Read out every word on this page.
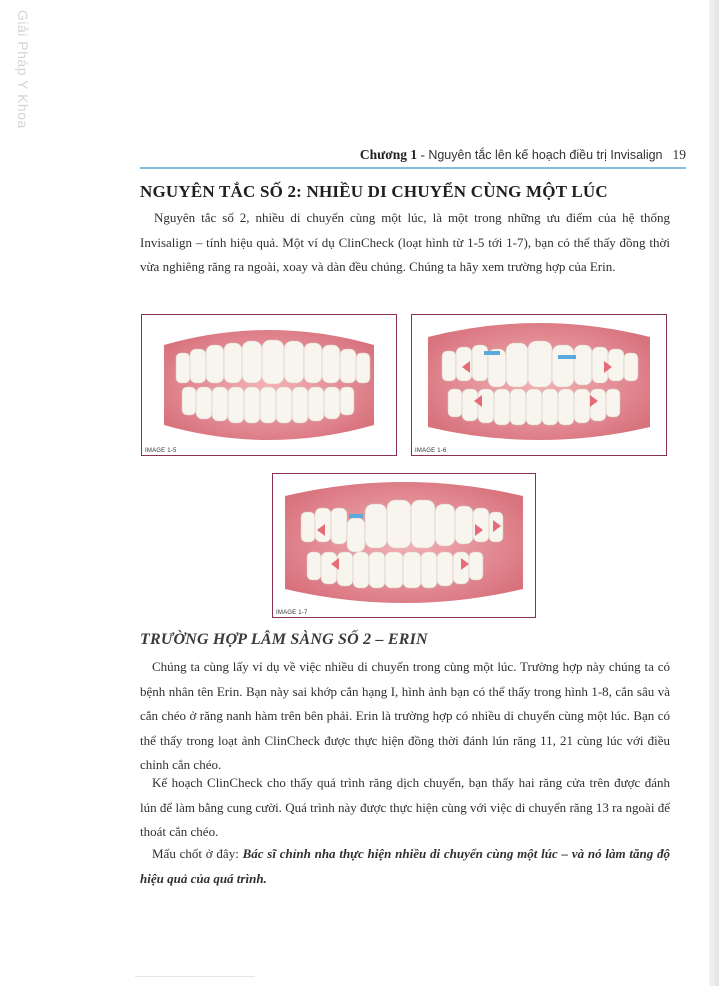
Giải Pháp Y Khoa
Chương 1 - Nguyên tắc lên kế hoạch điều trị Invisalign 19
NGUYÊN TẮC SỐ 2: NHIỀU DI CHUYỂN CÙNG MỘT LÚC

Nguyên tắc số 2, nhiều di chuyển cùng một lúc, là một trong những ưu điểm của hệ thống Invisalign – tính hiệu quả. Một ví dụ ClinCheck (loạt hình từ 1-5 tới 1-7), bạn có thể thấy đồng thời vừa nghiêng răng ra ngoài, xoay và dàn đều chúng. Chúng ta hãy xem trường hợp của Erin.

IMAGE 1-5	IMAGE 1-6
IMAGE 1-7
TRƯỜNG HỢP LÂM SÀNG SỐ 2 – ERIN

Chúng ta cùng lấy ví dụ về việc nhiều di chuyển trong cùng một lúc. Trường hợp này chúng ta có bệnh nhân tên Erin. Bạn này sai khớp cắn hạng I, hình ảnh bạn có thể thấy trong hình 1-8, cắn sâu và cắn chéo ở răng nanh hàm trên bên phải. Erin là trường hợp có nhiều di chuyển cùng một lúc. Bạn có thể thấy trong loạt ảnh ClinCheck được thực hiện đồng thời đánh lún răng 11, 21 cùng lúc với điều chỉnh cắn chéo.

Kế hoạch ClinCheck cho thấy quá trình răng dịch chuyển, bạn thấy hai răng cửa trên được đánh lún để làm bằng cung cười. Quá trình này được thực hiện cùng với việc di chuyển răng 13 ra ngoài để thoát cắn chéo.

Mấu chốt ở đây: Bác sĩ chỉnh nha thực hiện nhiều di chuyển cùng một lúc – và nó làm tăng độ hiệu quả của quá trình.
